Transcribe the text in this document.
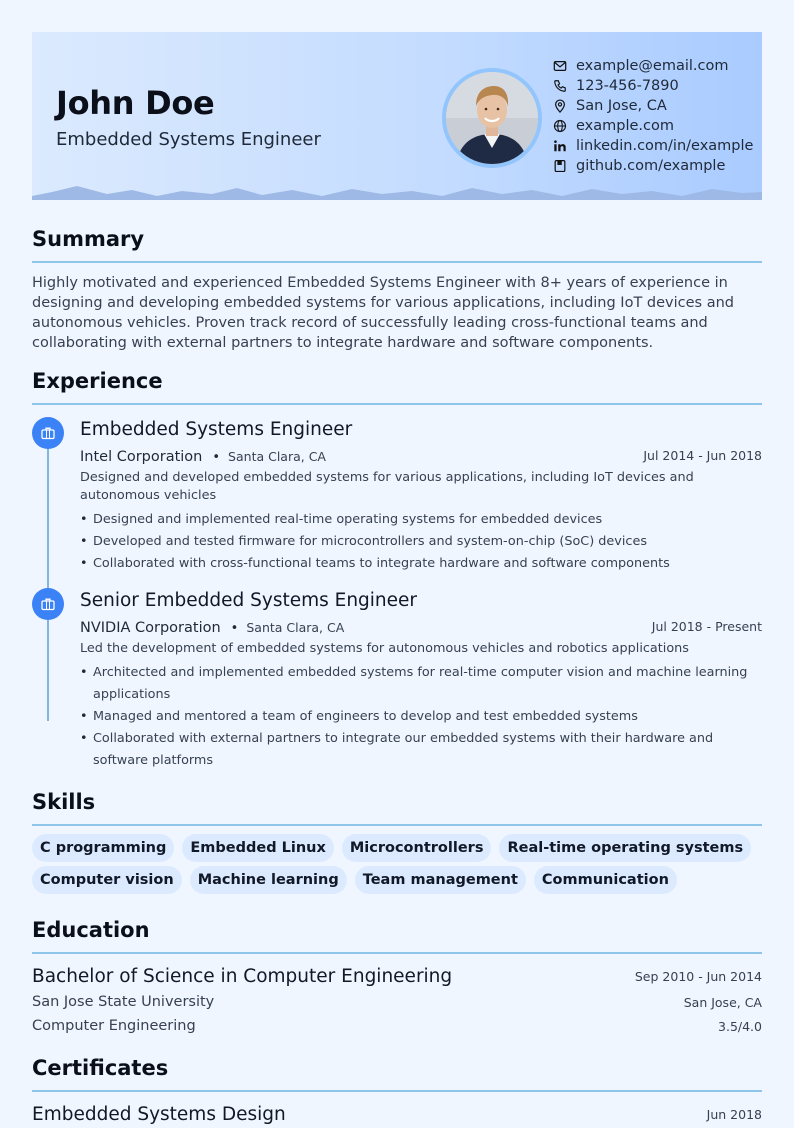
John Doe
Embedded Systems Engineer
example@email.com
123-456-7890
San Jose, CA
example.com
linkedin.com/in/example
github.com/example
Summary
Highly motivated and experienced Embedded Systems Engineer with 8+ years of experience in designing and developing embedded systems for various applications, including IoT devices and autonomous vehicles. Proven track record of successfully leading cross-functional teams and collaborating with external partners to integrate hardware and software components.
Experience
Embedded Systems Engineer
Intel Corporation • Santa Clara, CA	Jul 2014 - Jun 2018
Designed and developed embedded systems for various applications, including IoT devices and autonomous vehicles
• Designed and implemented real-time operating systems for embedded devices
• Developed and tested firmware for microcontrollers and system-on-chip (SoC) devices
• Collaborated with cross-functional teams to integrate hardware and software components
Senior Embedded Systems Engineer
NVIDIA Corporation • Santa Clara, CA	Jul 2018 - Present
Led the development of embedded systems for autonomous vehicles and robotics applications
• Architected and implemented embedded systems for real-time computer vision and machine learning applications
• Managed and mentored a team of engineers to develop and test embedded systems
• Collaborated with external partners to integrate our embedded systems with their hardware and software platforms
Skills
C programming	Embedded Linux	Microcontrollers	Real-time operating systems
Computer vision	Machine learning	Team management	Communication
Education
Bachelor of Science in Computer Engineering	Sep 2010 - Jun 2014
San Jose State University	San Jose, CA
Computer Engineering	3.5/4.0
Certificates
Embedded Systems Design	Jun 2018
